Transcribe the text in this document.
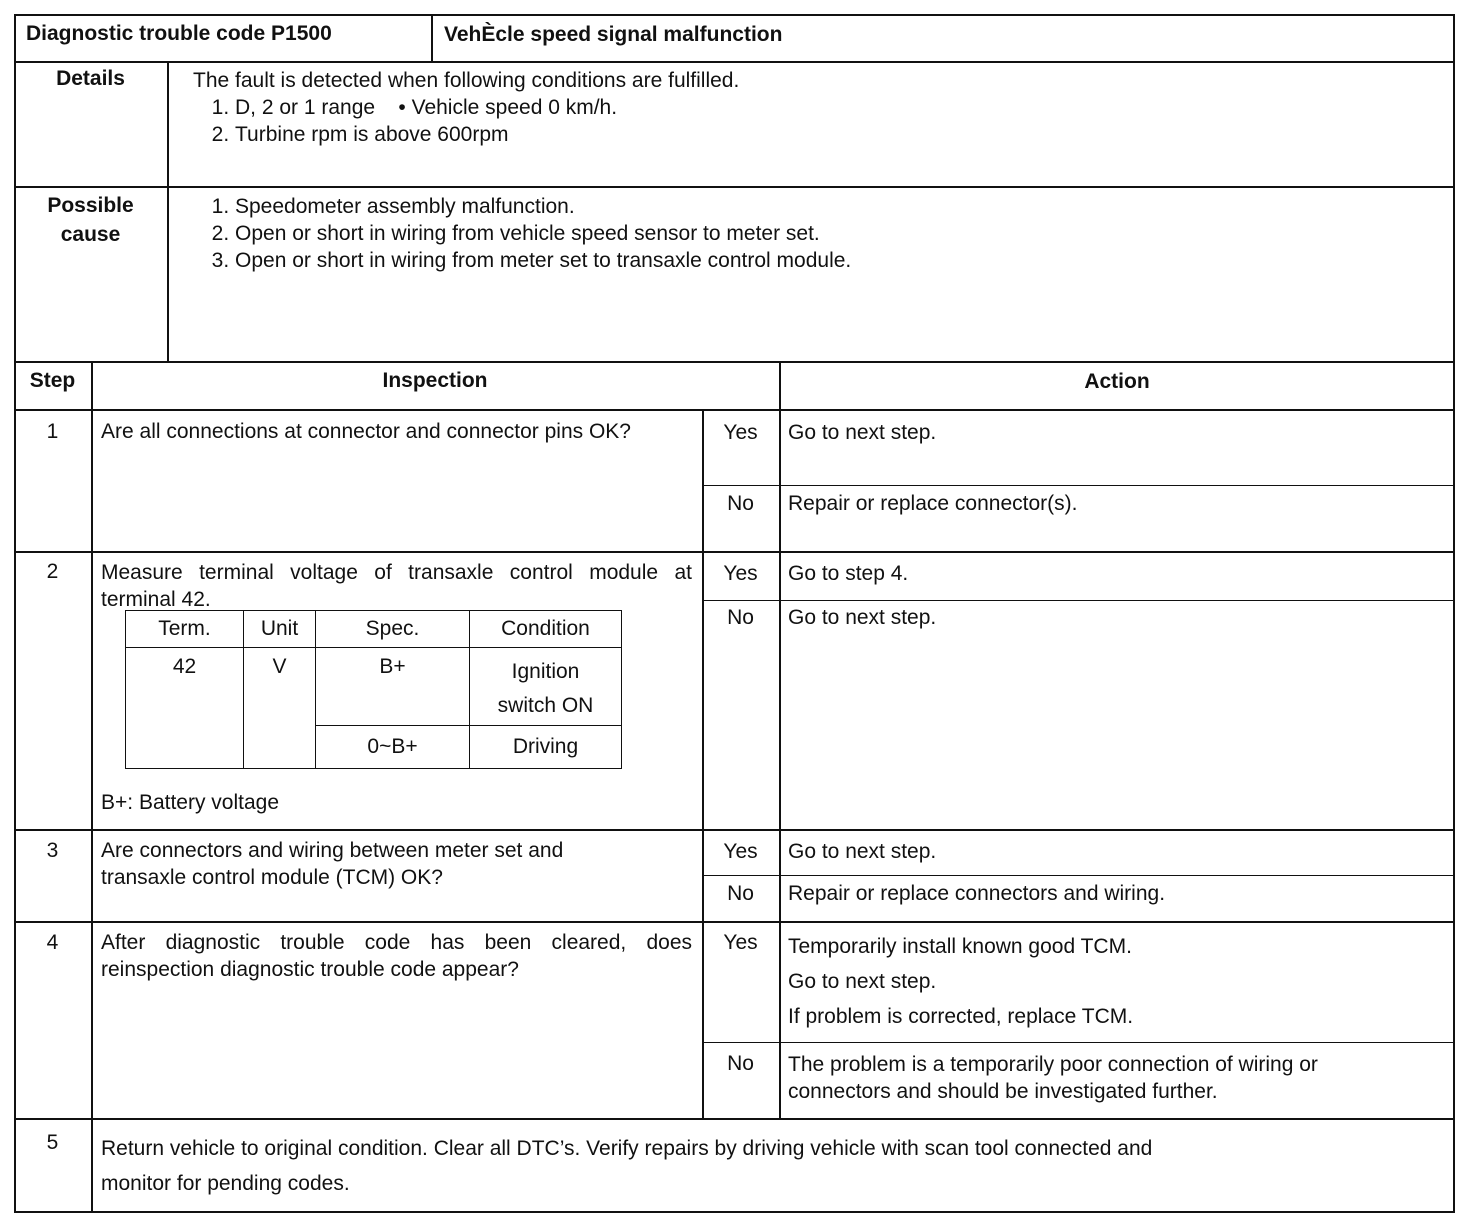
Diagnostic trouble code P1500	VehÈcle speed signal malfunction
Details	The fault is detected when following conditions are fulfilled.
1. D, 2 or 1 range    • Vehicle speed 0 km/h.
2. Turbine rpm is above 600rpm
Possible
cause
1. Speedometer assembly malfunction.
2. Open or short in wiring from vehicle speed sensor to meter set.
3. Open or short in wiring from meter set to transaxle control module.
Step	Inspection	Action
1	Are all connections at connector and connector pins OK?	Yes	Go to next step.
No	Repair or replace connector(s).
2	Measure terminal voltage of transaxle control module at terminal 42.
Term.	Unit	Spec.	Condition
42	V	B+	Ignition
switch ON

		0~B+	Driving
B+: Battery voltage
Yes	Go to step 4.
No	Go to next step.
3	Are connectors and wiring between meter set and
transaxle control module (TCM) OK?
Yes	Go to next step.
No	Repair or replace connectors and wiring.
4	After diagnostic trouble code has been cleared, does reinspection diagnostic trouble code appear?
Yes	Temporarily install known good TCM.
Go to next step.
If problem is corrected, replace TCM.
No	The problem is a temporarily poor connection of wiring or
connectors and should be investigated further.
5	Return vehicle to original condition. Clear all DTC’s. Verify repairs by driving vehicle with scan tool connected and
monitor for pending codes.
